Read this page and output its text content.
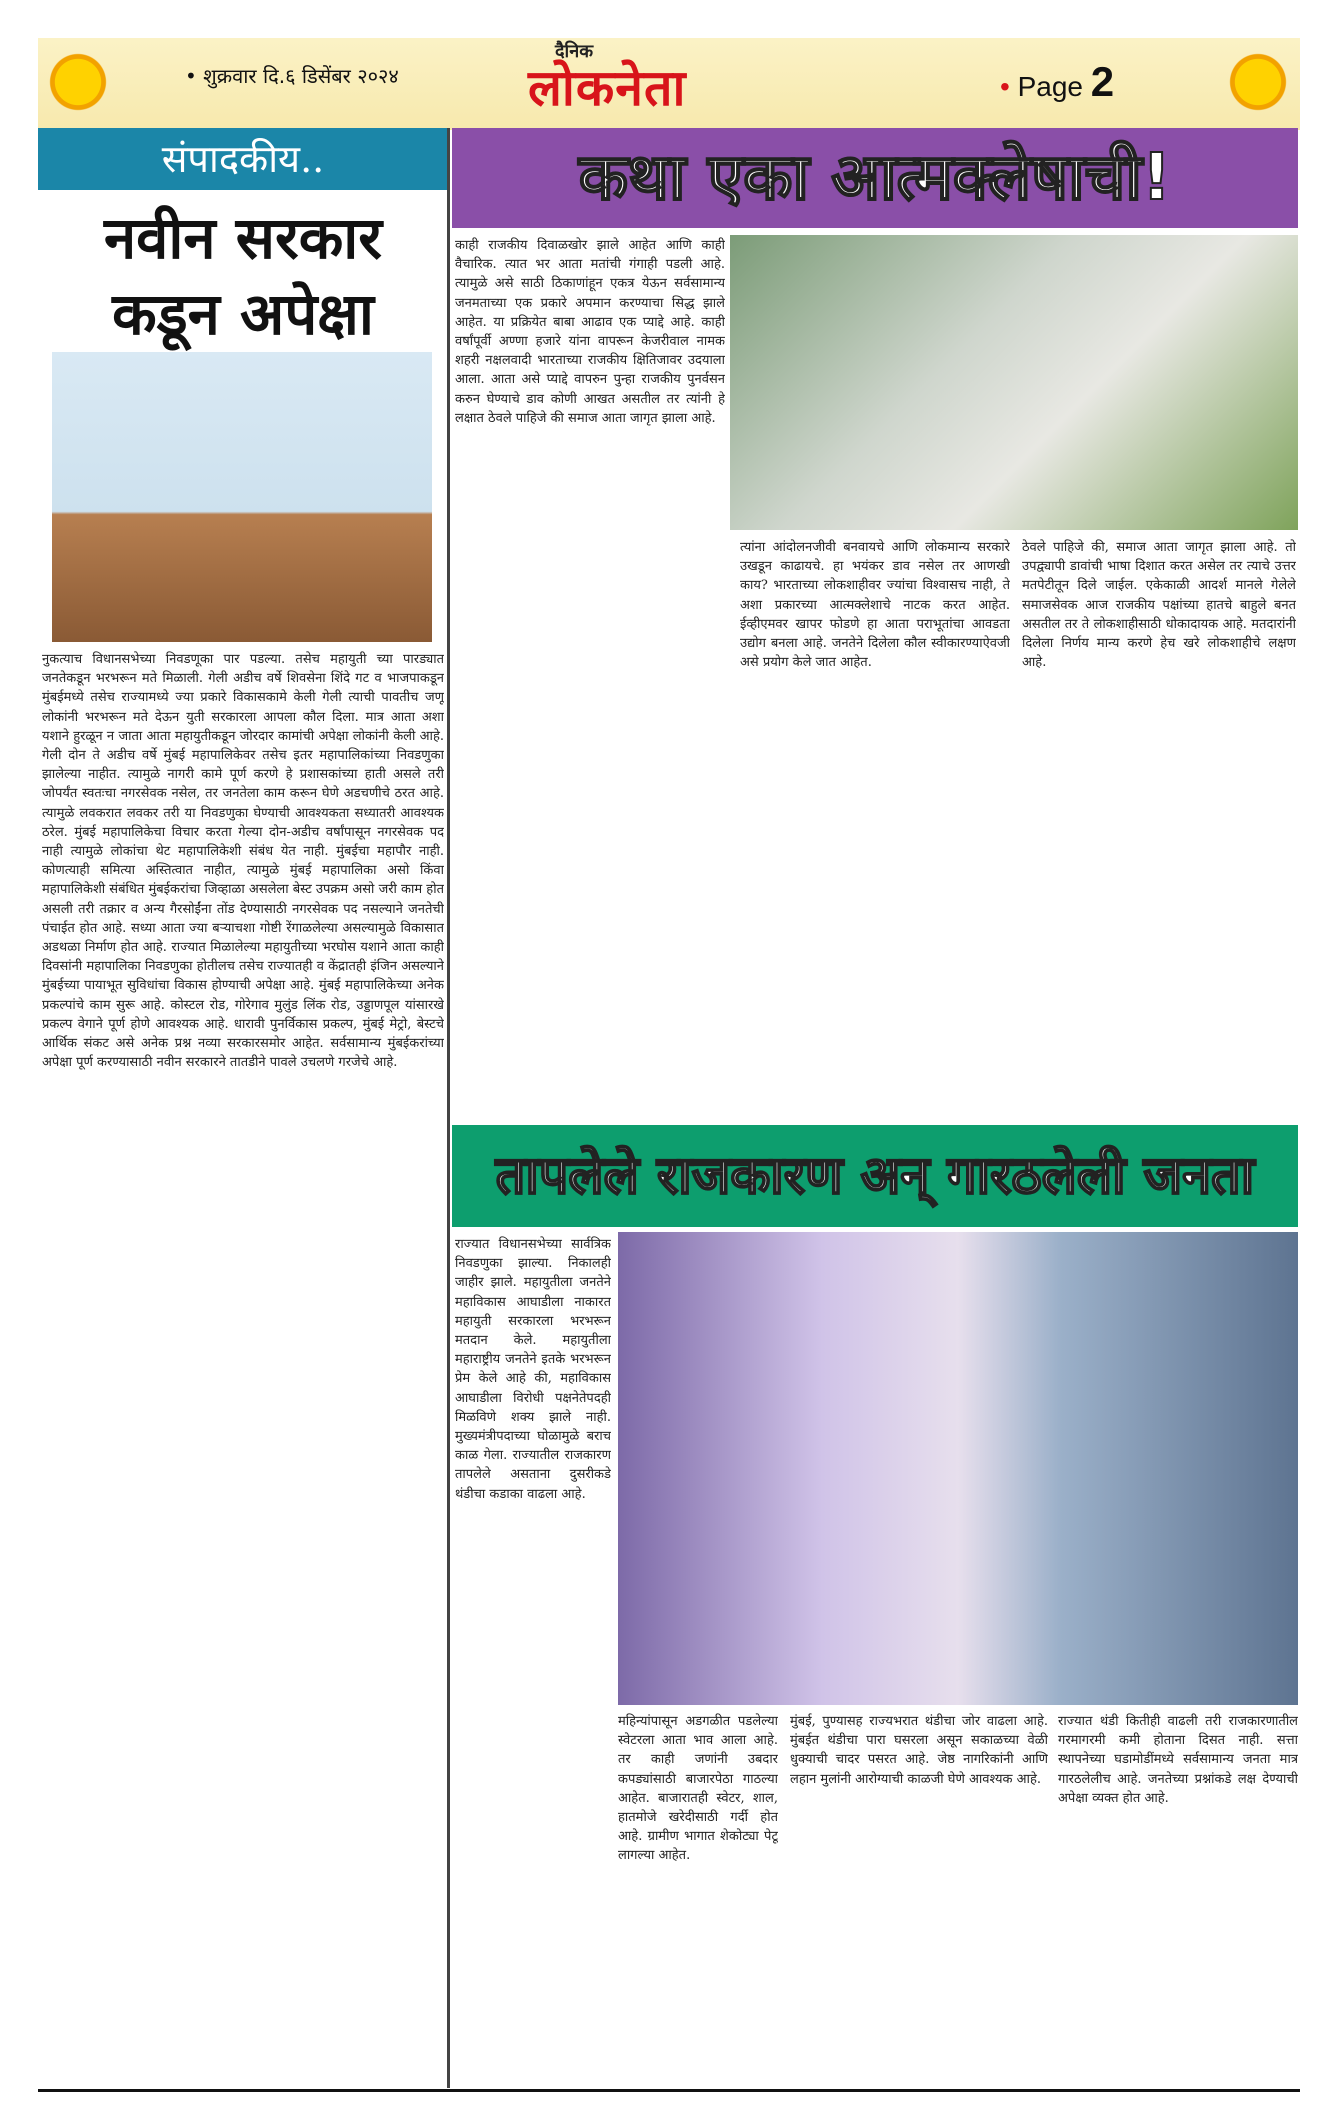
• शुक्रवार दि.६ डिसेंबर २०२४
दैनिक
लोकनेता	• Page 2
संपादकीय..
नवीन सरकार
कडून अपेक्षा
नुकत्याच विधानसभेच्या निवडणूका पार पडल्या. तसेच महायुती च्या पारड्यात जनतेकडून भरभरून मते मिळाली. गेली अडीच वर्षे शिवसेना शिंदे गट व भाजपाकडून मुंबईमध्ये तसेच राज्यामध्ये ज्या प्रकारे विकासकामे केली गेली त्याची पावतीच जणू लोकांनी भरभरून मते देऊन युती सरकारला आपला कौल दिला. मात्र आता अशा यशाने हुरळून न जाता आता महायुतीकडून जोरदार कामांची अपेक्षा लोकांनी केली आहे. गेली दोन ते अडीच वर्षे मुंबई महापालिकेवर तसेच इतर महापालिकांच्या निवडणुका झालेल्या नाहीत. त्यामुळे नागरी कामे पूर्ण करणे हे प्रशासकांच्या हाती असले तरी जोपर्यंत स्वतःचा नगरसेवक नसेल, तर जनतेला काम करून घेणे अडचणीचे ठरत आहे. त्यामुळे लवकरात लवकर तरी या निवडणुका घेण्याची आवश्यकता सध्यातरी आवश्यक ठरेल. मुंबई महापालिकेचा विचार करता गेल्या दोन-अडीच वर्षांपासून नगरसेवक पद नाही त्यामुळे लोकांचा थेट महापालिकेशी संबंध येत नाही. मुंबईचा महापौर नाही. कोणत्याही समित्या अस्तित्वात नाहीत, त्यामुळे मुंबई महापालिका असो किंवा महापालिकेशी संबंधित मुंबईकरांचा जिव्हाळा असलेला बेस्ट उपक्रम असो जरी काम होत असली तरी तक्रार व अन्य गैरसोईंना तोंड देण्यासाठी नगरसेवक पद नसल्याने जनतेची पंचाईत होत आहे. सध्या आता ज्या बऱ्याचशा गोष्टी रेंगाळलेल्या असल्यामुळे विकासात अडथळा निर्माण होत आहे. राज्यात मिळालेल्या महायुतीच्या भरघोस यशाने आता काही दिवसांनी महापालिका निवडणुका होतीलच तसेच राज्यातही व केंद्रातही इंजिन असल्याने मुंबईच्या पायाभूत सुविधांचा विकास होण्याची अपेक्षा आहे. मुंबई महापालिकेच्या अनेक प्रकल्पांचे काम सुरू आहे. कोस्टल रोड, गोरेगाव मुलुंड लिंक रोड, उड्डाणपूल यांसारखे प्रकल्प वेगाने पूर्ण होणे आवश्यक आहे. धारावी पुनर्विकास प्रकल्प, मुंबई मेट्रो, बेस्टचे आर्थिक संकट असे अनेक प्रश्न नव्या सरकारसमोर आहेत. सर्वसामान्य मुंबईकरांच्या अपेक्षा पूर्ण करण्यासाठी नवीन सरकारने तातडीने पावले उचलणे गरजेचे आहे.
कथा एका आत्मक्लेषाची!
काही राजकीय दिवाळखोर झाले आहेत आणि काही वैचारिक. त्यात भर आता मतांची गंगाही पडली आहे. त्यामुळे असे साठी ठिकाणांहून एकत्र येऊन सर्वसामान्य जनमताच्या एक प्रकारे अपमान करण्याचा सिद्ध झाले आहेत. या प्रक्रियेत बाबा आढाव एक प्याद्दे आहे. काही वर्षांपूर्वी अण्णा हजारे यांना वापरून केजरीवाल नामक शहरी नक्षलवादी भारताच्या राजकीय क्षितिजावर उदयाला आला. आता असे प्याद्दे वापरुन पुन्हा राजकीय पुनर्वसन करुन घेण्याचे डाव कोणी आखत असतील तर त्यांनी हे लक्षात ठेवले पाहिजे की समाज आता जागृत झाला आहे.
त्यांना आंदोलनजीवी बनवायचे आणि लोकमान्य सरकारे उखडून काढायचे. हा भयंकर डाव नसेल तर आणखी काय? भारताच्या लोकशाहीवर ज्यांचा विश्वासच नाही, ते अशा प्रकारच्या आत्मक्लेशाचे नाटक करत आहेत. ईव्हीएमवर खापर फोडणे हा आता पराभूतांचा आवडता उद्योग बनला आहे. जनतेने दिलेला कौल स्वीकारण्याऐवजी असे प्रयोग केले जात आहेत.
ठेवले पाहिजे की, समाज आता जागृत झाला आहे. तो उपद्व्यापी डावांची भाषा दिशात करत असेल तर त्याचे उत्तर मतपेटीतून दिले जाईल. एकेकाळी आदर्श मानले गेलेले समाजसेवक आज राजकीय पक्षांच्या हातचे बाहुले बनत असतील तर ते लोकशाहीसाठी धोकादायक आहे. मतदारांनी दिलेला निर्णय मान्य करणे हेच खरे लोकशाहीचे लक्षण आहे.
तापलेले राजकारण अन् गारठलेली जनता
राज्यात विधानसभेच्या सार्वत्रिक निवडणुका झाल्या. निकालही जाहीर झाले. महायुतीला जनतेने महाविकास आघाडीला नाकारत महायुती सरकारला भरभरून मतदान केले. महायुतीला महाराष्ट्रीय जनतेने इतके भरभरून प्रेम केले आहे की, महाविकास आघाडीला विरोधी पक्षनेतेपदही मिळविणे शक्य झाले नाही. मुख्यमंत्रीपदाच्या घोळामुळे बराच काळ गेला. राज्यातील राजकारण तापलेले असताना दुसरीकडे थंडीचा कडाका वाढला आहे.
महिन्यांपासून अडगळीत पडलेल्या स्वेटरला आता भाव आला आहे. तर काही जणांनी उबदार कपड्यांसाठी बाजारपेठा गाठल्या आहेत. बाजारातही स्वेटर, शाल, हातमोजे खरेदीसाठी गर्दी होत आहे. ग्रामीण भागात शेकोट्या पेटू लागल्या आहेत.
मुंबई, पुण्यासह राज्यभरात थंडीचा जोर वाढला आहे. मुंबईत थंडीचा पारा घसरला असून सकाळच्या वेळी धुक्याची चादर पसरत आहे. जेष्ठ नागरिकांनी आणि लहान मुलांनी आरोग्याची काळजी घेणे आवश्यक आहे.
राज्यात थंडी कितीही वाढली तरी राजकारणातील गरमागरमी कमी होताना दिसत नाही. सत्ता स्थापनेच्या घडामोडींमध्ये सर्वसामान्य जनता मात्र गारठलेलीच आहे. जनतेच्या प्रश्नांकडे लक्ष देण्याची अपेक्षा व्यक्त होत आहे.
